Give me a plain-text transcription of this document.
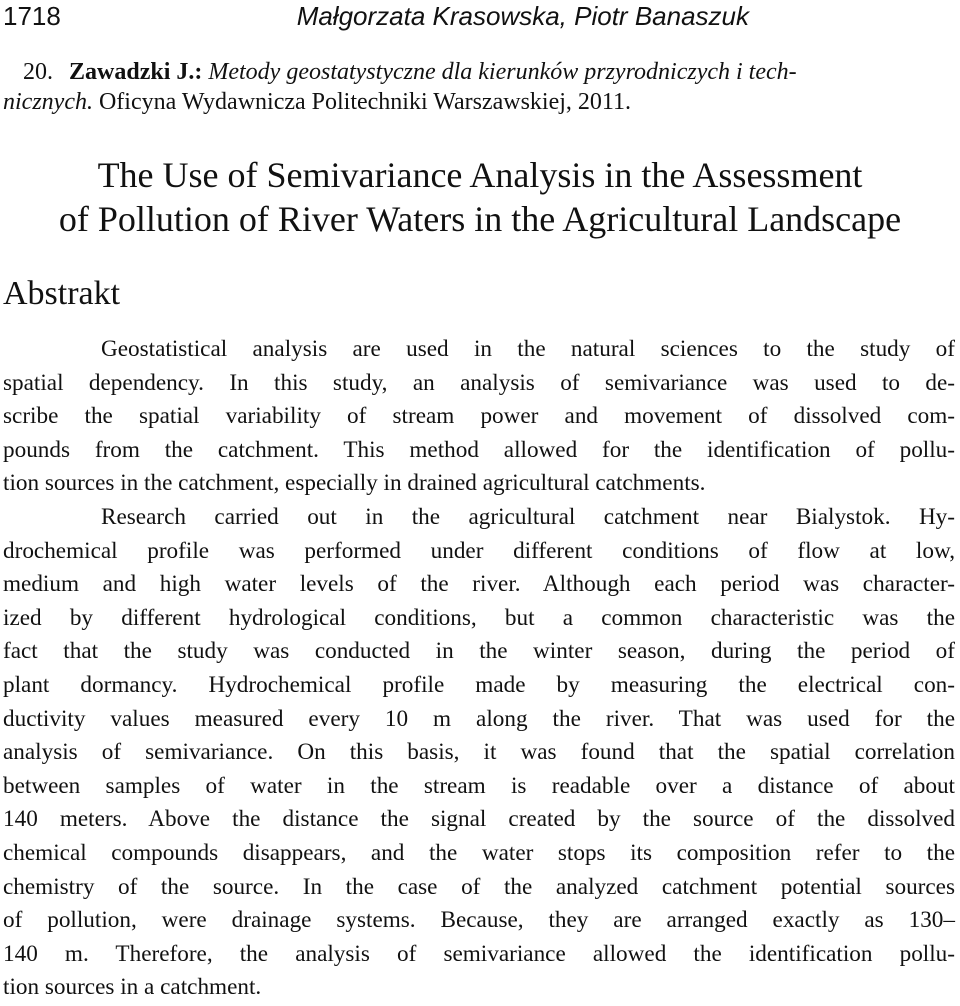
1718	Małgorzata Krasowska, Piotr Banaszuk
20. Zawadzki J.: Metody geostatystyczne dla kierunków przyrodniczych i tech-
nicznych. Oficyna Wydawnicza Politechniki Warszawskiej, 2011.
The Use of Semivariance Analysis in the Assessment
of Pollution of River Waters in the Agricultural Landscape
Abstrakt
Geostatistical analysis are used in the natural sciences to the study of
spatial dependency. In this study, an analysis of semivariance was used to de-
scribe the spatial variability of stream power and movement of dissolved com-
pounds from the catchment. This method allowed for the identification of pollu-
tion sources in the catchment, especially in drained agricultural catchments.
Research carried out in the agricultural catchment near Bialystok. Hy-
drochemical profile was performed under different conditions of flow at low,
medium and high water levels of the river. Although each period was character-
ized by different hydrological conditions, but a common characteristic was the
fact that the study was conducted in the winter season, during the period of
plant dormancy. Hydrochemical profile made by measuring the electrical con-
ductivity values measured every 10 m along the river. That was used for the
analysis of semivariance. On this basis, it was found that the spatial correlation
between samples of water in the stream is readable over a distance of about
140 meters. Above the distance the signal created by the source of the dissolved
chemical compounds disappears, and the water stops its composition refer to the
chemistry of the source. In the case of the analyzed catchment potential sources
of pollution, were drainage systems. Because, they are arranged exactly as 130–
140 m. Therefore, the analysis of semivariance allowed the identification pollu-
tion sources in a catchment.
